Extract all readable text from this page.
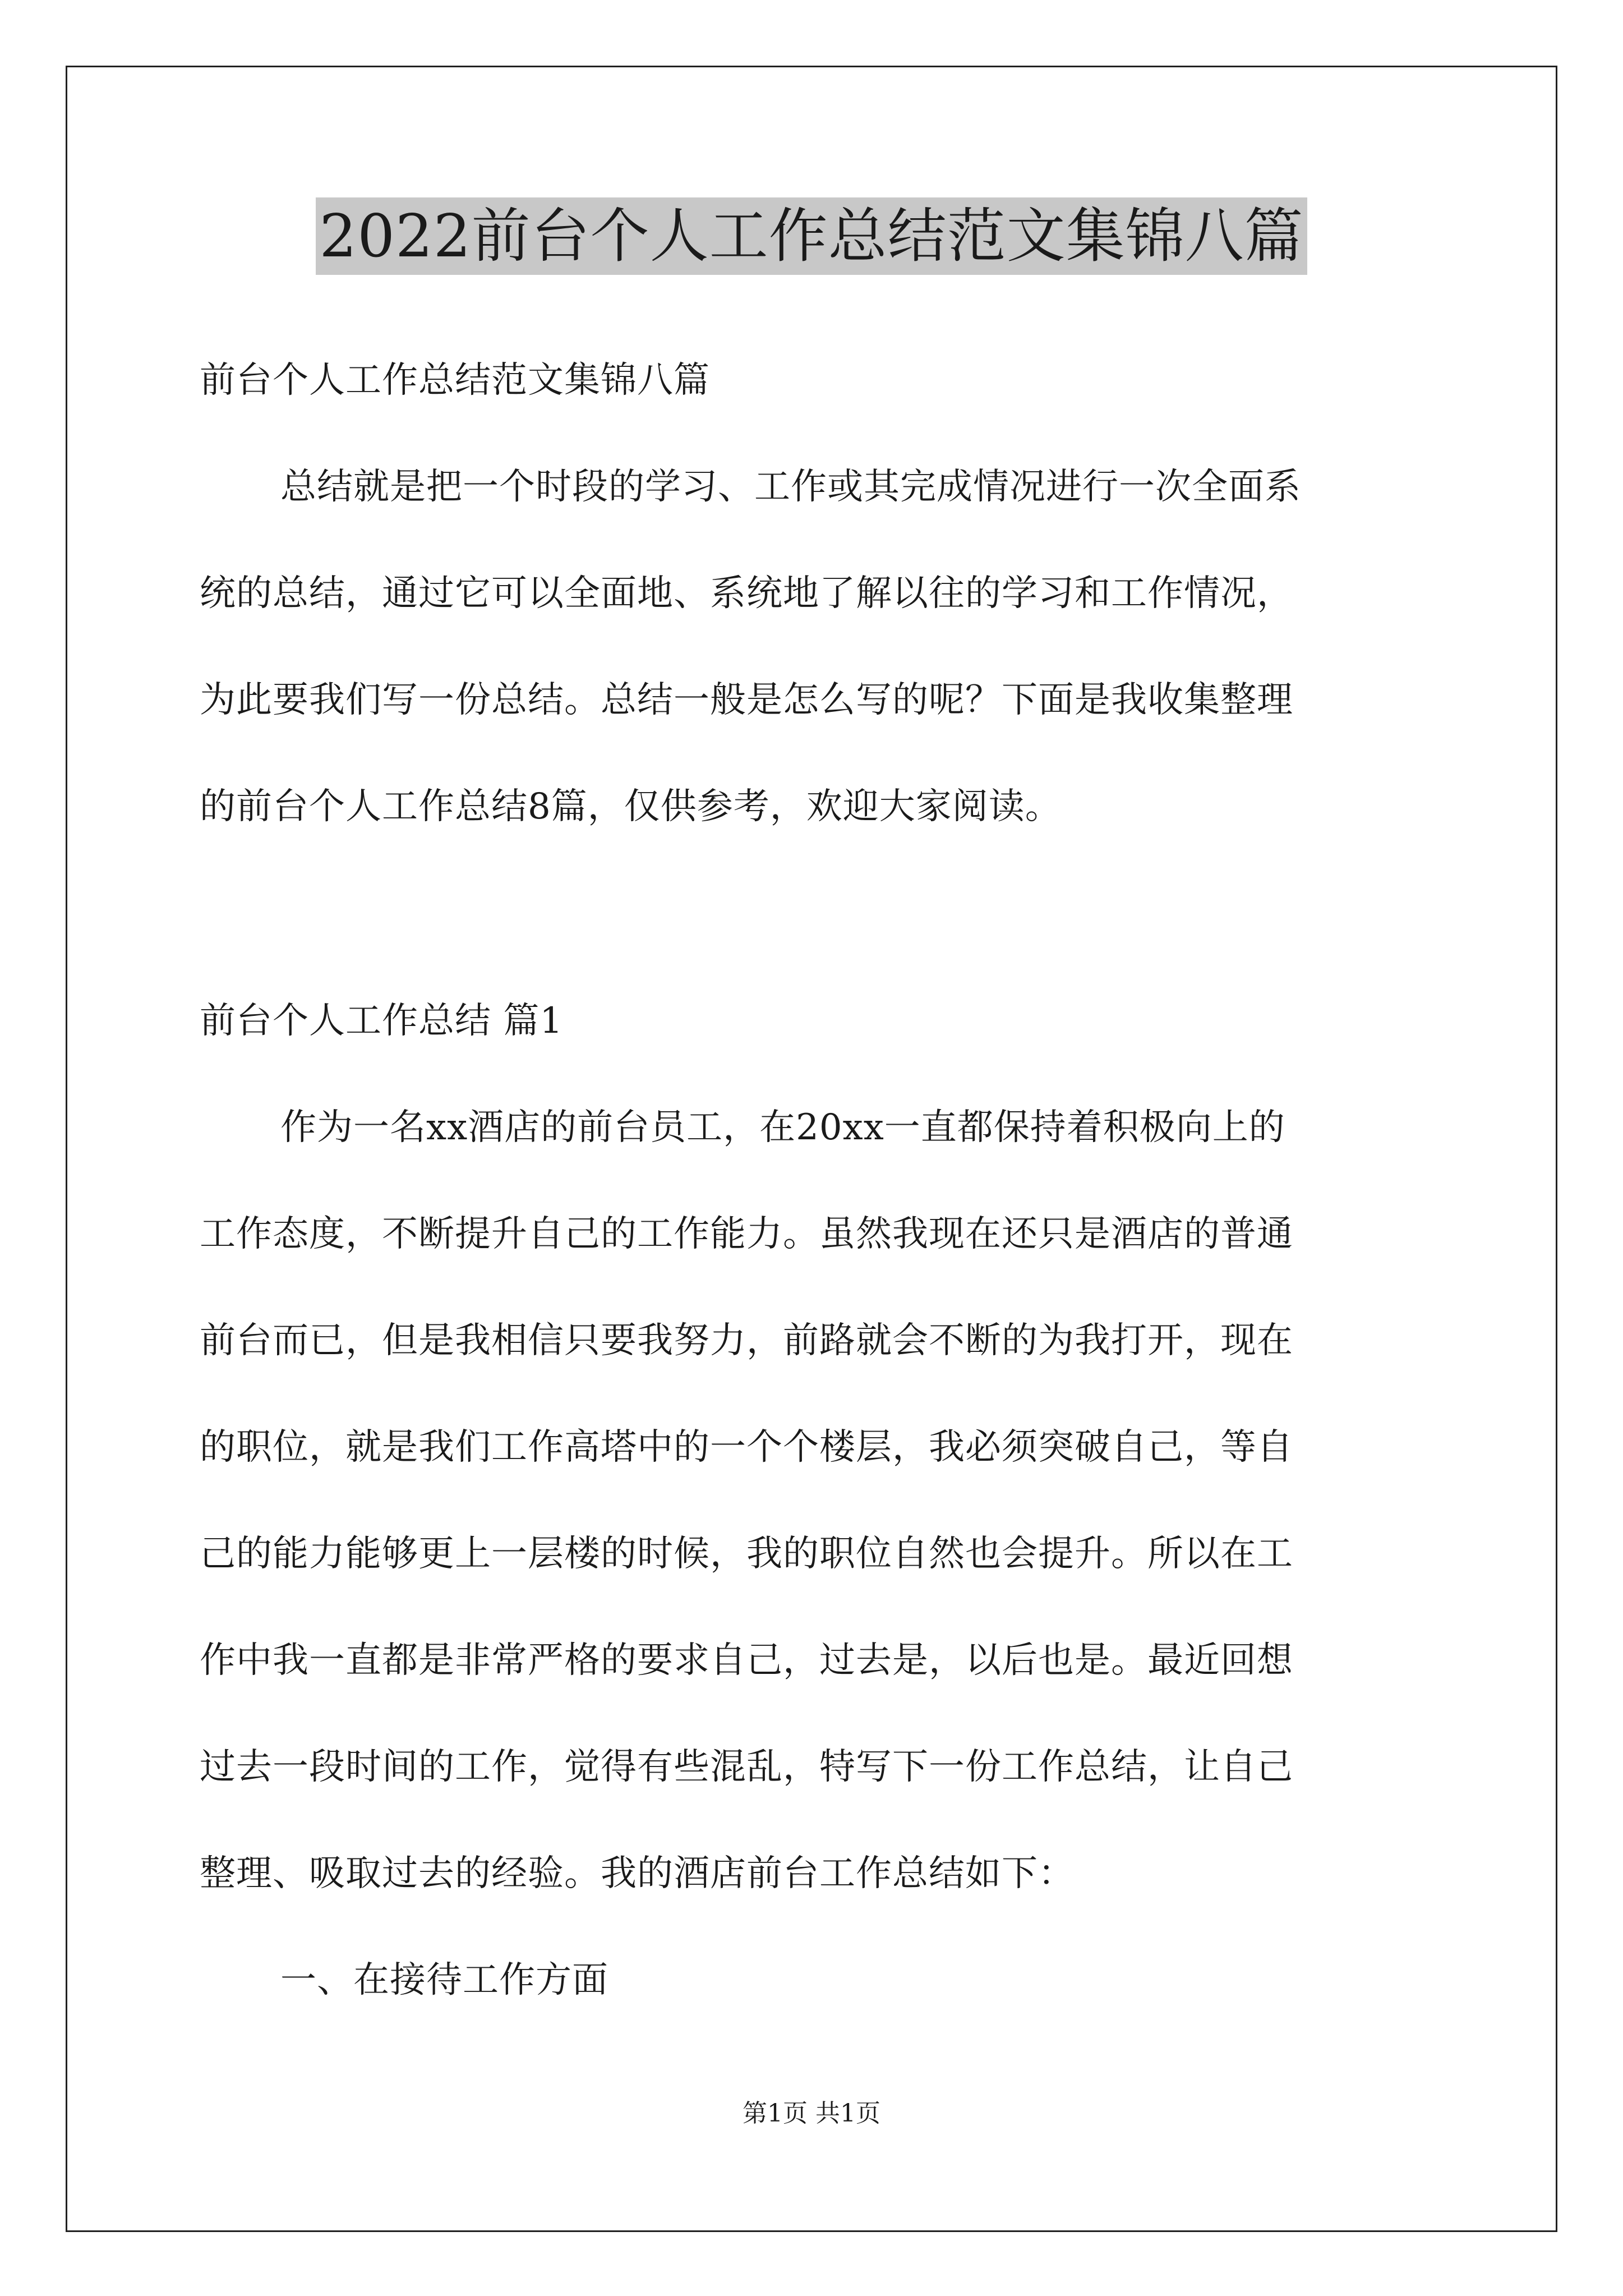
2022前台个人工作总结范文集锦八篇
前台个人工作总结范文集锦八篇
总结就是把一个时段的学习、工作或其完成情况进行一次全面系
统的总结，通过它可以全面地、系统地了解以往的学习和工作情况，
为此要我们写一份总结。总结一般是怎么写的呢？下面是我收集整理
的前台个人工作总结8篇，仅供参考，欢迎大家阅读。
前台个人工作总结 篇1
作为一名xx酒店的前台员工，在20xx一直都保持着积极向上的
工作态度，不断提升自己的工作能力。虽然我现在还只是酒店的普通
前台而已，但是我相信只要我努力，前路就会不断的为我打开，现在
的职位，就是我们工作高塔中的一个个楼层，我必须突破自己，等自
己的能力能够更上一层楼的时候，我的职位自然也会提升。所以在工
作中我一直都是非常严格的要求自己，过去是，以后也是。最近回想
过去一段时间的工作，觉得有些混乱，特写下一份工作总结，让自己
整理、吸取过去的经验。我的酒店前台工作总结如下：
一、在接待工作方面
第1页 共1页
